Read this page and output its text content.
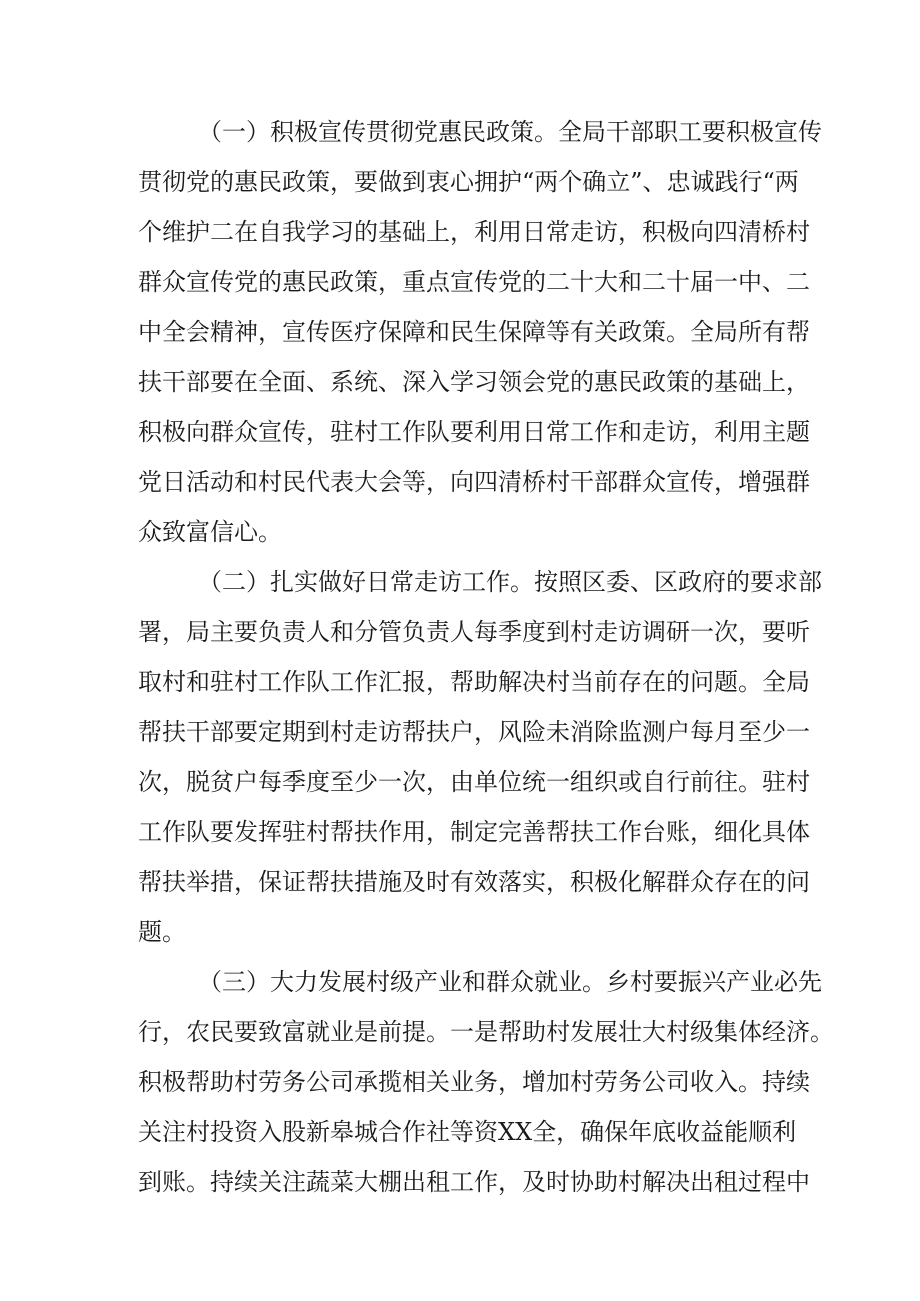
（一）积极宣传贯彻党惠民政策。全局干部职工要积极宣传
贯彻党的惠民政策，要做到衷心拥护“两个确立”、忠诚践行“两
个维护二在自我学习的基础上，利用日常走访，积极向四清桥村
群众宣传党的惠民政策，重点宣传党的二十大和二十届一中、二
中全会精神，宣传医疗保障和民生保障等有关政策。全局所有帮
扶干部要在全面、系统、深入学习领会党的惠民政策的基础上，
积极向群众宣传，驻村工作队要利用日常工作和走访，利用主题
党日活动和村民代表大会等，向四清桥村干部群众宣传，增强群
众致富信心。
（二）扎实做好日常走访工作。按照区委、区政府的要求部
署，局主要负责人和分管负责人每季度到村走访调研一次，要听
取村和驻村工作队工作汇报，帮助解决村当前存在的问题。全局
帮扶干部要定期到村走访帮扶户，风险未消除监测户每月至少一
次，脱贫户每季度至少一次，由单位统一组织或自行前往。驻村
工作队要发挥驻村帮扶作用，制定完善帮扶工作台账，细化具体
帮扶举措，保证帮扶措施及时有效落实，积极化解群众存在的问
题。
（三）大力发展村级产业和群众就业。乡村要振兴产业必先
行，农民要致富就业是前提。一是帮助村发展壮大村级集体经济。
积极帮助村劳务公司承揽相关业务，增加村劳务公司收入。持续
关注村投资入股新皋城合作社等资XX全，确保年底收益能顺利
到账。持续关注蔬菜大棚出租工作，及时协助村解决出租过程中
